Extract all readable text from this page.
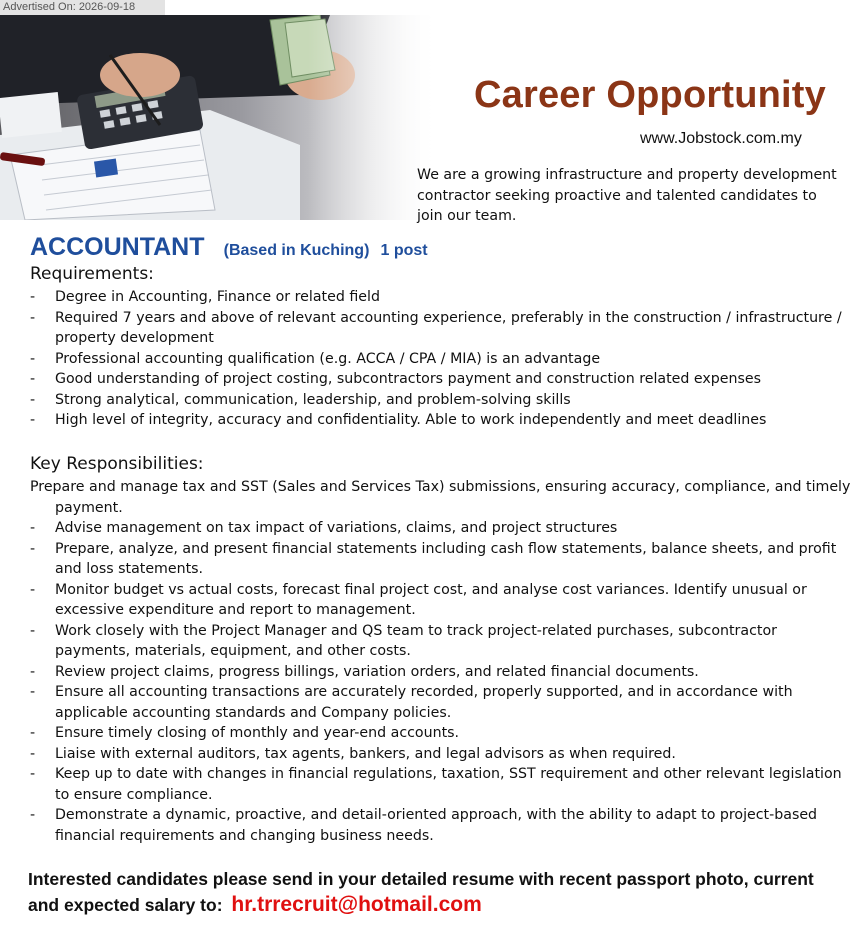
Advertised On: 2026-09-18
Career Opportunity
www.Jobstock.com.my

We are a growing infrastructure and property development contractor seeking proactive and talented candidates to join our team.

ACCOUNTANT (Based in Kuching) 1 post
Requirements:
- Degree in Accounting, Finance or related field
- Required 7 years and above of relevant accounting experience, preferably in the construction / infrastructure / property development
- Professional accounting qualification (e.g. ACCA / CPA / MIA) is an advantage
- Good understanding of project costing, subcontractors payment and construction related expenses
- Strong analytical, communication, leadership, and problem-solving skills
- High level of integrity, accuracy and confidentiality. Able to work independently and meet deadlines
Key Responsibilities:

Prepare and manage tax and SST (Sales and Services Tax) submissions, ensuring accuracy, compliance, and timely payment.

- Advise management on tax impact of variations, claims, and project structures
- Prepare, analyze, and present financial statements including cash flow statements, balance sheets, and profit and loss statements.
- Monitor budget vs actual costs, forecast final project cost, and analyse cost variances. Identify unusual or excessive expenditure and report to management.
- Work closely with the Project Manager and QS team to track project-related purchases, subcontractor payments, materials, equipment, and other costs.
- Review project claims, progress billings, variation orders, and related financial documents.
- Ensure all accounting transactions are accurately recorded, properly supported, and in accordance with applicable accounting standards and Company policies.
- Ensure timely closing of monthly and year-end accounts.
- Liaise with external auditors, tax agents, bankers, and legal advisors as when required.
- Keep up to date with changes in financial regulations, taxation, SST requirement and other relevant legislation to ensure compliance.
- Demonstrate a dynamic, proactive, and detail-oriented approach, with the ability to adapt to project-based financial requirements and changing business needs.

Interested candidates please send in your detailed resume with recent passport photo, current and expected salary to: hr.trrecruit@hotmail.com
